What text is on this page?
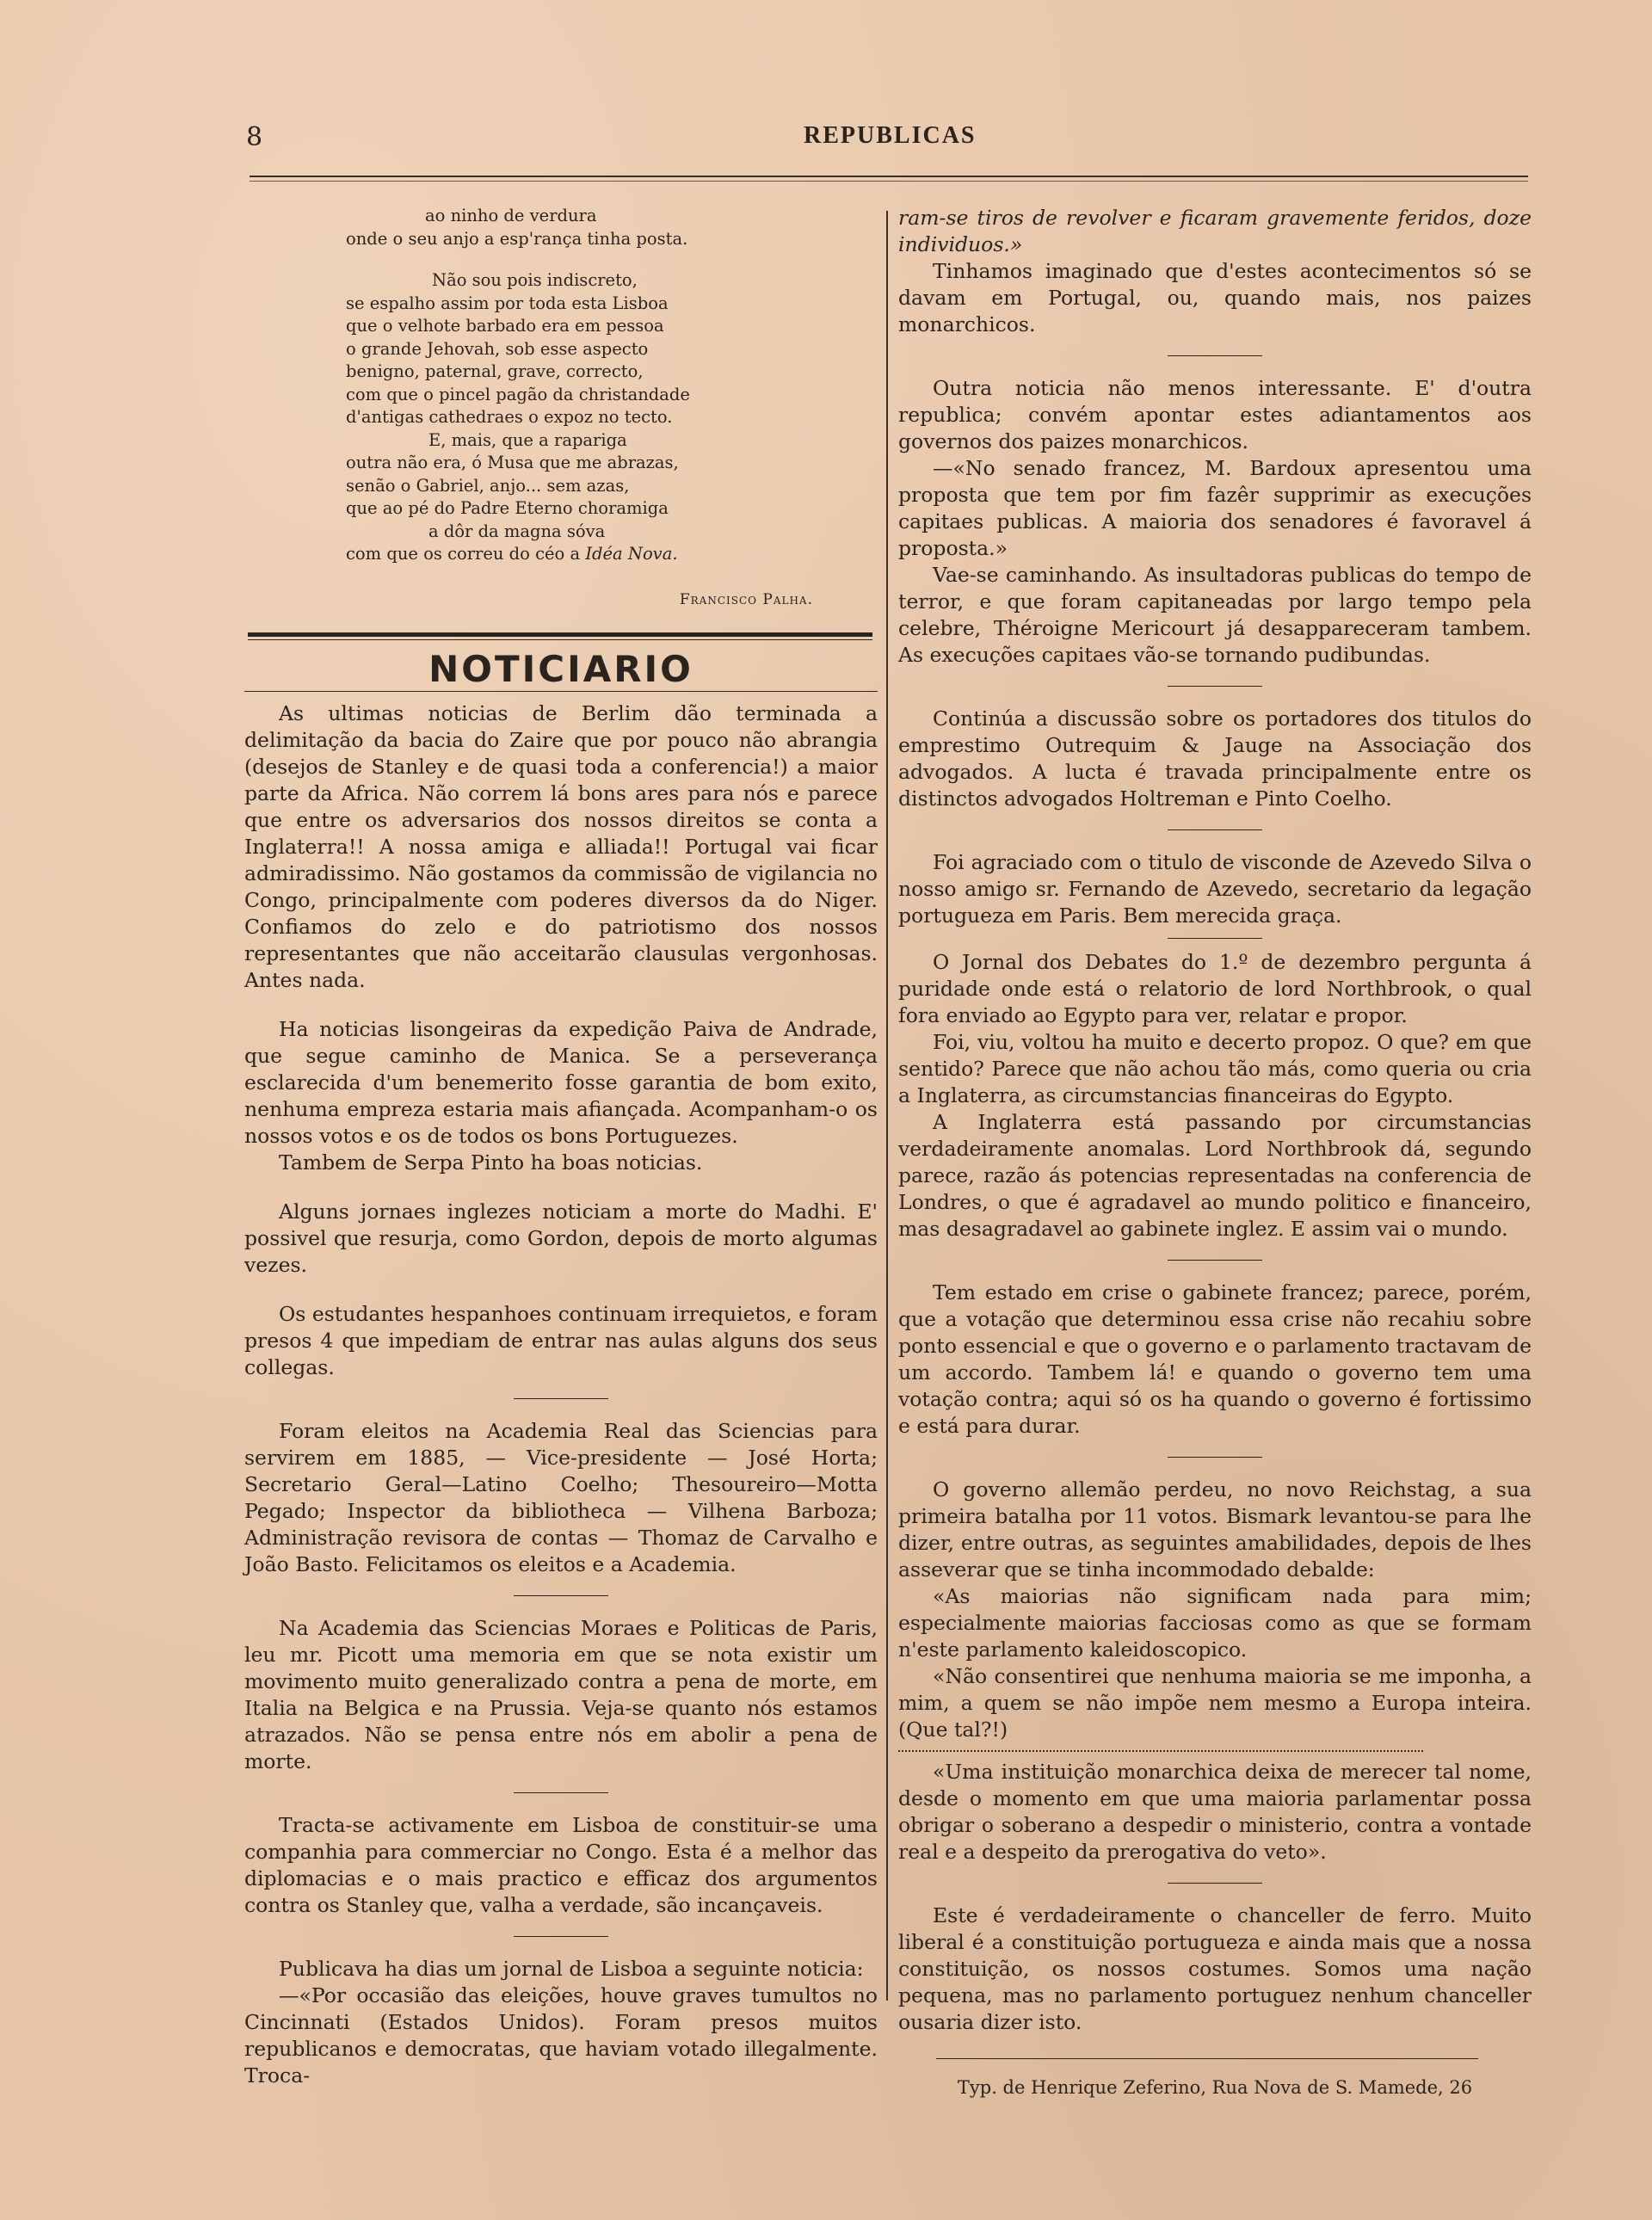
8	REPUBLICAS

ao ninho de verdura

onde o seu anjo a esp'rança tinha posta.

Não sou pois indiscreto,

se espalho assim por toda esta Lisboa

que o velhote barbado era em pessoa

o grande Jehovah, sob esse aspecto

benigno, paternal, grave, correcto,

com que o pincel pagão da christandade

d'antigas cathedraes o expoz no tecto.

E, mais, que a rapariga

outra não era, ó Musa que me abrazas,

senão o Gabriel, anjo... sem azas,

que ao pé do Padre Eterno choramiga

a dôr da magna sóva

com que os correu do céo a Idéa Nova.

Francisco Palha.
NOTICIARIO

As ultimas noticias de Berlim dão terminada a delimitação da bacia do Zaire que por pouco não abrangia (desejos de Stanley e de quasi toda a conferencia!) a maior parte da Africa. Não correm lá bons ares para nós e parece que entre os adversarios dos nossos direitos se conta a Inglaterra!! A nossa amiga e alliada!! Portugal vai ficar admiradissimo. Não gostamos da commissão de vigilancia no Congo, principalmente com poderes diversos da do Niger. Confiamos do zelo e do patriotismo dos nossos representantes que não acceitarão clausulas vergonhosas. Antes nada.

Ha noticias lisongeiras da expedição Paiva de Andrade, que segue caminho de Manica. Se a perseverança esclarecida d'um benemerito fosse garantia de bom exito, nenhuma empreza estaria mais afiançada. Acompanham-o os nossos votos e os de todos os bons Portuguezes.

Tambem de Serpa Pinto ha boas noticias.

Alguns jornaes inglezes noticiam a morte do Madhi. E' possivel que resurja, como Gordon, depois de morto algumas vezes.

Os estudantes hespanhoes continuam irrequietos, e foram presos 4 que impediam de entrar nas aulas alguns dos seus collegas.

Foram eleitos na Academia Real das Sciencias para servirem em 1885, — Vice-presidente — José Horta; Secretario Geral—Latino Coelho; Thesoureiro—Motta Pegado; Inspector da bibliotheca — Vilhena Barboza; Administração revisora de contas — Thomaz de Carvalho e João Basto. Felicitamos os eleitos e a Academia.

Na Academia das Sciencias Moraes e Politicas de Paris, leu mr. Picott uma memoria em que se nota existir um movimento muito generalizado contra a pena de morte, em Italia na Belgica e na Prussia. Veja-se quanto nós estamos atrazados. Não se pensa entre nós em abolir a pena de morte.

Tracta-se activamente em Lisboa de constituir-se uma companhia para commerciar no Congo. Esta é a melhor das diplomacias e o mais practico e efficaz dos argumentos contra os Stanley que, valha a verdade, são incançaveis.

Publicava ha dias um jornal de Lisboa a seguinte noticia:

—«Por occasião das eleições, houve graves tumultos no Cincinnati (Estados Unidos). Foram presos muitos republicanos e democratas, que haviam votado illegalmente. Troca-

ram-se tiros de revolver e ficaram gravemente feridos, doze individuos.»

Tinhamos imaginado que d'estes acontecimentos só se davam em Portugal, ou, quando mais, nos paizes monarchicos.

Outra noticia não menos interessante. E' d'outra republica; convém apontar estes adiantamentos aos governos dos paizes monarchicos.

—«No senado francez, M. Bardoux apresentou uma proposta que tem por fim fazêr supprimir as execuções capitaes publicas. A maioria dos senadores é favoravel á proposta.»

Vae-se caminhando. As insultadoras publicas do tempo de terror, e que foram capitaneadas por largo tempo pela celebre, Théroigne Mericourt já desappareceram tambem. As execuções capitaes vão-se tornando pudibundas.

Continúa a discussão sobre os portadores dos titulos do emprestimo Outrequim & Jauge na Associação dos advogados. A lucta é travada principalmente entre os distinctos advogados Holtreman e Pinto Coelho.

Foi agraciado com o titulo de visconde de Azevedo Silva o nosso amigo sr. Fernando de Azevedo, secretario da legação portugueza em Paris. Bem merecida graça.

O Jornal dos Debates do 1.º de dezembro pergunta á puridade onde está o relatorio de lord Northbrook, o qual fora enviado ao Egypto para ver, relatar e propor.

Foi, viu, voltou ha muito e decerto propoz. O que? em que sentido? Parece que não achou tão más, como queria ou cria a Inglaterra, as circumstancias financeiras do Egypto.

A Inglaterra está passando por circumstancias verdadeiramente anomalas. Lord Northbrook dá, segundo parece, razão ás potencias representadas na conferencia de Londres, o que é agradavel ao mundo politico e financeiro, mas desagradavel ao gabinete inglez. E assim vai o mundo.

Tem estado em crise o gabinete francez; parece, porém, que a votação que determinou essa crise não recahiu sobre ponto essencial e que o governo e o parlamento tractavam de um accordo. Tambem lá! e quando o governo tem uma votação contra; aqui só os ha quando o governo é fortissimo e está para durar.

O governo allemão perdeu, no novo Reichstag, a sua primeira batalha por 11 votos. Bismark levantou-se para lhe dizer, entre outras, as seguintes amabilidades, depois de lhes asseverar que se tinha incommodado debalde:

«As maiorias não significam nada para mim; especialmente maiorias facciosas como as que se formam n'este parlamento kaleidoscopico.

«Não consentirei que nenhuma maioria se me imponha, a mim, a quem se não impõe nem mesmo a Europa inteira. (Que tal?!)

«Uma instituição monarchica deixa de merecer tal nome, desde o momento em que uma maioria parlamentar possa obrigar o soberano a despedir o ministerio, contra a vontade real e a despeito da prerogativa do veto».

Este é verdadeiramente o chanceller de ferro. Muito liberal é a constituição portugueza e ainda mais que a nossa constituição, os nossos costumes. Somos uma nação pequena, mas no parlamento portuguez nenhum chanceller ousaria dizer isto.

Typ. de Henrique Zeferino, Rua Nova de S. Mamede, 26
